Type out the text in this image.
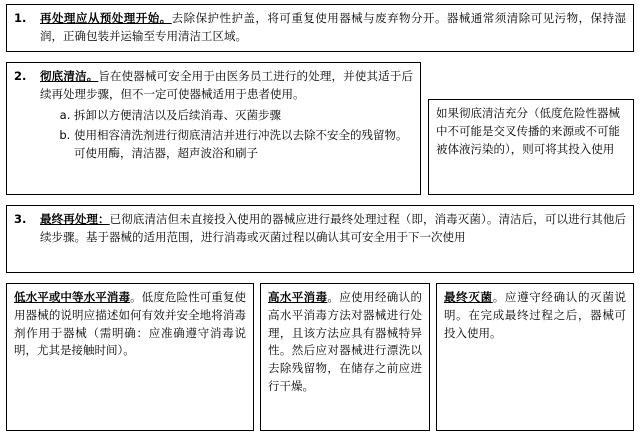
1. 再处理应从预处理开始。去除保护性护盖，将可重复使用器械与废弃物分开。器械通常须清除可见污物，保持湿润，正确包装并运输至专用清洁工区域。
2. 彻底清洁。旨在使器械可安全用于由医务员工进行的处理，并使其适于后续再处理步骤，但不一定可使器械适用于患者使用。
a. 拆卸以方便清洁以及后续消毒、灭菌步骤
b. 使用相容清洗剂进行彻底清洁并进行冲洗以去除不安全的残留物。可使用酶，清洁器，超声波浴和刷子
如果彻底清洁充分（低度危险性器械中不可能是交叉传播的来源或不可能被体液污染的），则可将其投入使用
3. 最终再处理：已彻底清洁但未直接投入使用的器械应进行最终处理过程（即，消毒灭菌）。清洁后，可以进行其他后续步骤。基于器械的适用范围，进行消毒或灭菌过程以确认其可安全用于下一次使用
低水平或中等水平消毒。低度危险性可重复使用器械的说明应描述如何有效并安全地将消毒剂作用于器械（需明确：应准确遵守消毒说明，尤其是接触时间）。
高水平消毒。应使用经确认的高水平消毒方法对器械进行处理，且该方法应具有器械特异性。然后应对器械进行漂洗以去除残留物，在储存之前应进行干燥。
最终灭菌。应遵守经确认的灭菌说明。在完成最终过程之后，器械可投入使用。
